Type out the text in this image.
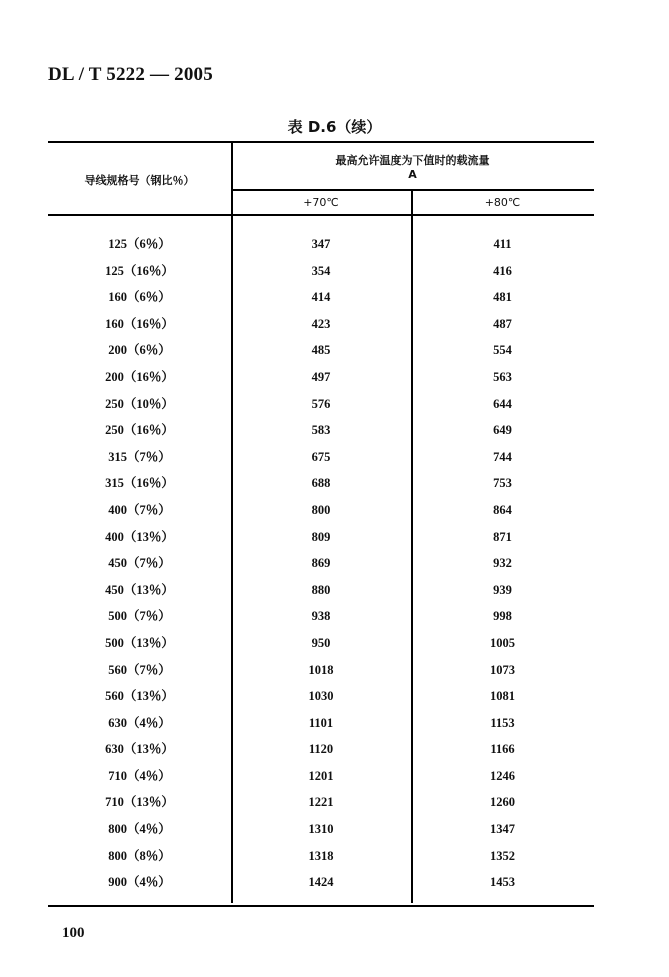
DL / T 5222 — 2005
表 D.6（续）
导线规格号（钢比％）
最高允许温度为下值时的载流量
A
+70℃	+80℃
125（6％）	347	411
125（16％）	354	416
160（6％）	414	481
160（16％）	423	487
200（6％）	485	554
200（16％）	497	563
250（10％）	576	644
250（16％）	583	649
315（7％）	675	744
315（16％）	688	753
400（7％）	800	864
400（13％）	809	871
450（7％）	869	932
450（13％）	880	939
500（7％）	938	998
500（13％）	950	1005
560（7％）	1018	1073
560（13％）	1030	1081
630（4％）	1101	1153
630（13％）	1120	1166
710（4％）	1201	1246
710（13％）	1221	1260
800（4％）	1310	1347
800（8％）	1318	1352
900（4％）	1424	1453
100
